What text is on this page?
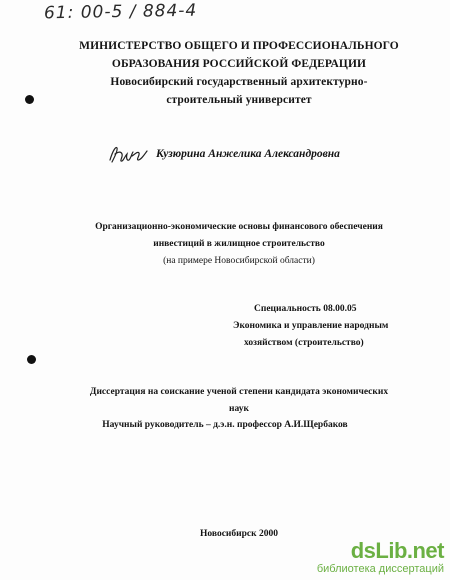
61: 00-5 / 884-4
МИНИСТЕРСТВО ОБЩЕГО И ПРОФЕССИОНАЛЬНОГО
ОБРАЗОВАНИЯ РОССИЙСКОЙ ФЕДЕРАЦИИ
Новосибирский государственный архитектурно-
строительный университет
Кузюрина Анжелика Александровна
Организационно-экономические основы финансового обеспечения
инвестиций в жилищное строительство
(на примере Новосибирской области)
Специальность 08.00.05
Экономика и управление народным
хозяйством (строительство)
Диссертация на соискание ученой степени кандидата экономических
наук
Научный руководитель – д.э.н. профессор А.И.Щербаков
Новосибирск 2000
dsLib.net
библиотека диссертаций
